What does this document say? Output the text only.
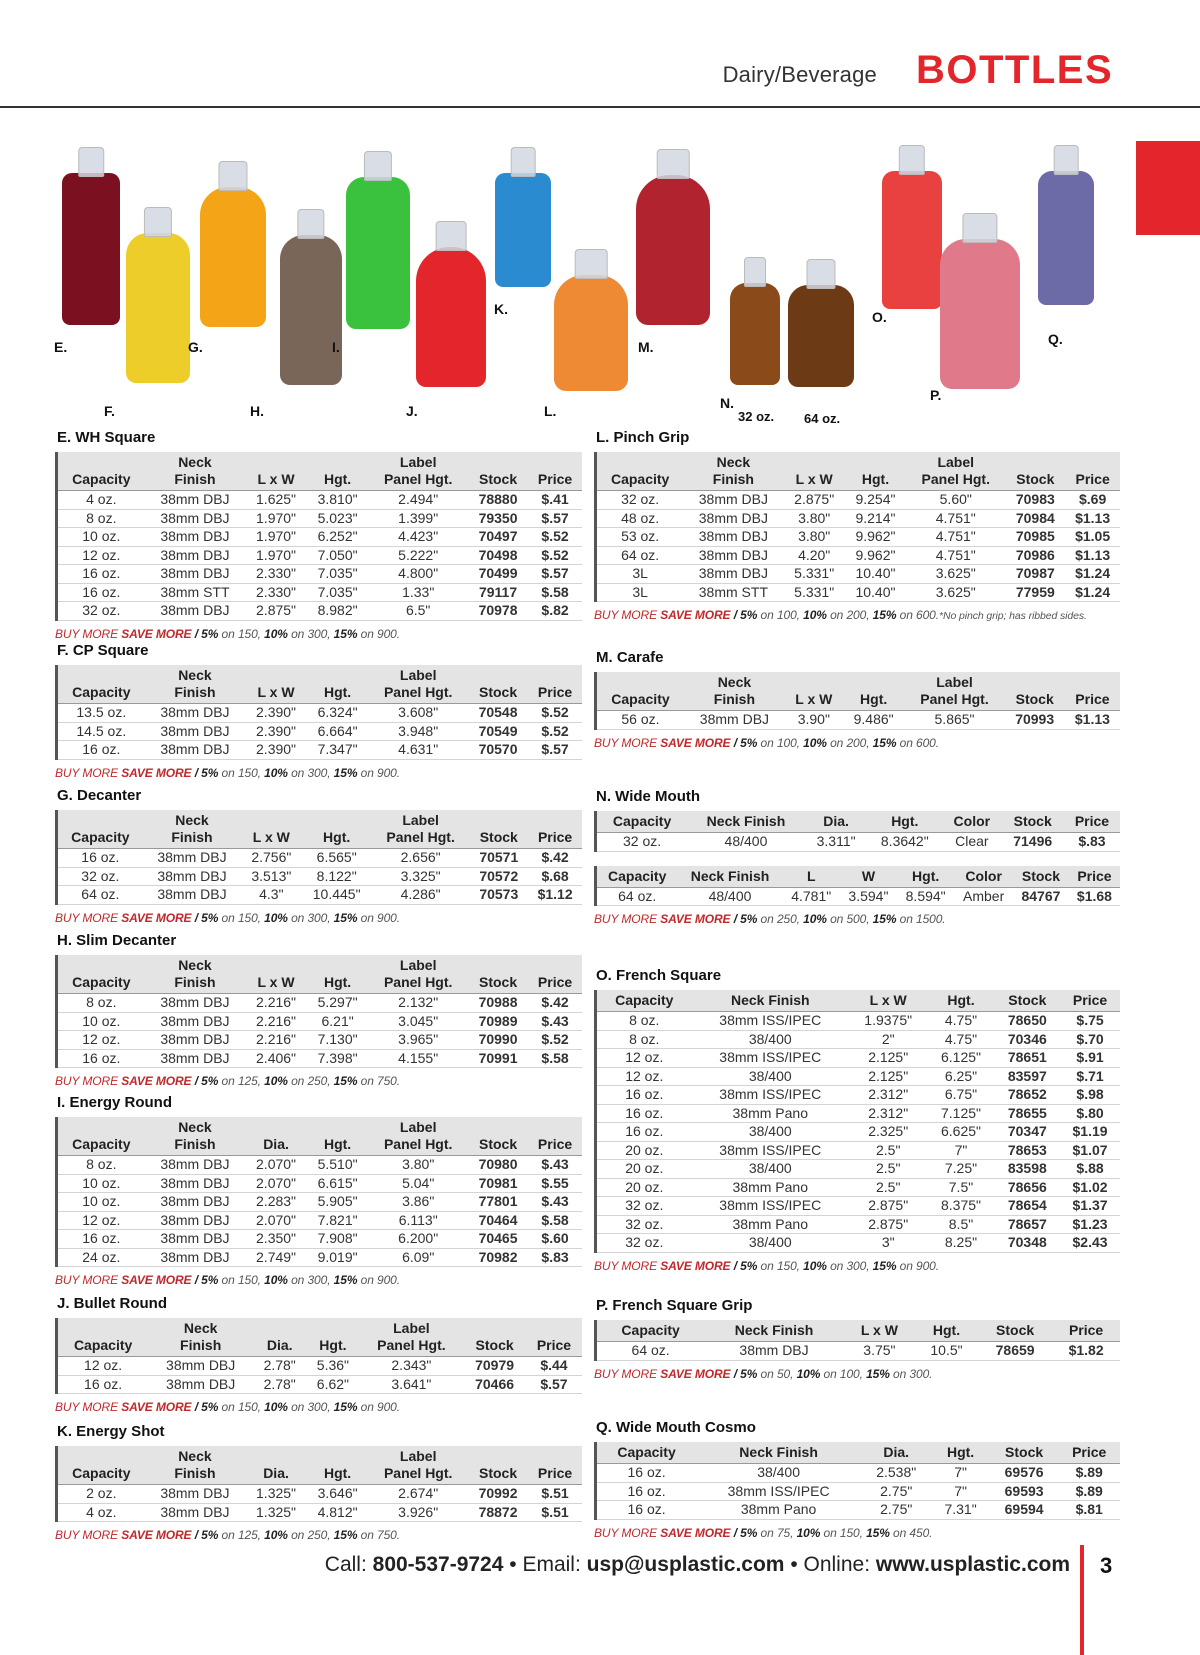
Dairy/Beverage BOTTLES
E.
F.
G.
H.
I.
J.
K.
L.
M.
N.
32 oz. 64 oz.
O.
P.
Q.
E. WH Square
	Neck			Label		
Capacity	Finish	L x W	Hgt.	Panel Hgt.	Stock	Price
4 oz.	38mm DBJ	1.625"	3.810"	2.494"	78880	$.41
8 oz.	38mm DBJ	1.970"	5.023"	1.399"	79350	$.57
10 oz.	38mm DBJ	1.970"	6.252"	4.423"	70497	$.52
12 oz.	38mm DBJ	1.970"	7.050"	5.222"	70498	$.52
16 oz.	38mm DBJ	2.330"	7.035"	4.800"	70499	$.57
16 oz.	38mm STT	2.330"	7.035"	1.33"	79117	$.58
32 oz.	38mm DBJ	2.875"	8.982"	6.5"	70978	$.82
BUY MORE SAVE MORE / 5% on 150, 10% on 300, 15% on 900.
F. CP Square
	Neck			Label		
Capacity	Finish	L x W	Hgt.	Panel Hgt.	Stock	Price
13.5 oz.	38mm DBJ	2.390"	6.324"	3.608"	70548	$.52
14.5 oz.	38mm DBJ	2.390"	6.664"	3.948"	70549	$.52
16 oz.	38mm DBJ	2.390"	7.347"	4.631"	70570	$.57
BUY MORE SAVE MORE / 5% on 150, 10% on 300, 15% on 900.
G. Decanter
	Neck			Label		
Capacity	Finish	L x W	Hgt.	Panel Hgt.	Stock	Price
16 oz.	38mm DBJ	2.756"	6.565"	2.656"	70571	$.42
32 oz.	38mm DBJ	3.513"	8.122"	3.325"	70572	$.68
64 oz.	38mm DBJ	4.3"	10.445"	4.286"	70573	$1.12
BUY MORE SAVE MORE / 5% on 150, 10% on 300, 15% on 900.
H. Slim Decanter
	Neck			Label		
Capacity	Finish	L x W	Hgt.	Panel Hgt.	Stock	Price
8 oz.	38mm DBJ	2.216"	5.297"	2.132"	70988	$.42
10 oz.	38mm DBJ	2.216"	6.21"	3.045"	70989	$.43
12 oz.	38mm DBJ	2.216"	7.130"	3.965"	70990	$.52
16 oz.	38mm DBJ	2.406"	7.398"	4.155"	70991	$.58
BUY MORE SAVE MORE / 5% on 125, 10% on 250, 15% on 750.
I. Energy Round
	Neck			Label		
Capacity	Finish	Dia.	Hgt.	Panel Hgt.	Stock	Price
8 oz.	38mm DBJ	2.070"	5.510"	3.80"	70980	$.43
10 oz.	38mm DBJ	2.070"	6.615"	5.04"	70981	$.55
10 oz.	38mm DBJ	2.283"	5.905"	3.86"	77801	$.43
12 oz.	38mm DBJ	2.070"	7.821"	6.113"	70464	$.58
16 oz.	38mm DBJ	2.350"	7.908"	6.200"	70465	$.60
24 oz.	38mm DBJ	2.749"	9.019"	6.09"	70982	$.83
BUY MORE SAVE MORE / 5% on 150, 10% on 300, 15% on 900.
J. Bullet Round
	Neck			Label		
Capacity	Finish	Dia.	Hgt.	Panel Hgt.	Stock	Price
12 oz.	38mm DBJ	2.78"	5.36"	2.343"	70979	$.44
16 oz.	38mm DBJ	2.78"	6.62"	3.641"	70466	$.57
BUY MORE SAVE MORE / 5% on 150, 10% on 300, 15% on 900.
K. Energy Shot
	Neck			Label		
Capacity	Finish	Dia.	Hgt.	Panel Hgt.	Stock	Price
2 oz.	38mm DBJ	1.325"	3.646"	2.674"	70992	$.51
4 oz.	38mm DBJ	1.325"	4.812"	3.926"	78872	$.51
BUY MORE SAVE MORE / 5% on 125, 10% on 250, 15% on 750.
L. Pinch Grip
	Neck			Label		
Capacity	Finish	L x W	Hgt.	Panel Hgt.	Stock	Price
32 oz.	38mm DBJ	2.875"	9.254"	5.60"	70983	$.69
48 oz.	38mm DBJ	3.80"	9.214"	4.751"	70984	$1.13
53 oz.	38mm DBJ	3.80"	9.962"	4.751"	70985	$1.05
64 oz.	38mm DBJ	4.20"	9.962"	4.751"	70986	$1.13
3L	38mm DBJ	5.331"	10.40"	3.625"	70987	$1.24
3L	38mm STT	5.331"	10.40"	3.625"	77959	$1.24
BUY MORE SAVE MORE / 5% on 100, 10% on 200, 15% on 600.*No pinch grip; has ribbed sides.
M. Carafe
	Neck			Label		
Capacity	Finish	L x W	Hgt.	Panel Hgt.	Stock	Price
56 oz.	38mm DBJ	3.90"	9.486"	5.865"	70993	$1.13
BUY MORE SAVE MORE / 5% on 100, 10% on 200, 15% on 600.
N. Wide Mouth
Capacity	Neck Finish	Dia.	Hgt.	Color	Stock	Price
32 oz.	48/400	3.311"	8.3642"	Clear	71496	$.83
Capacity	Neck Finish	L	W	Hgt.	Color	Stock	Price
64 oz.	48/400	4.781"	3.594"	8.594"	Amber	84767	$1.68
BUY MORE SAVE MORE / 5% on 250, 10% on 500, 15% on 1500.
O. French Square
Capacity	Neck Finish	L x W	Hgt.	Stock	Price
8 oz.	38mm ISS/IPEC	1.9375"	4.75"	78650	$.75
8 oz.	38/400	2"	4.75"	70346	$.70
12 oz.	38mm ISS/IPEC	2.125"	6.125"	78651	$.91
12 oz.	38/400	2.125"	6.25"	83597	$.71
16 oz.	38mm ISS/IPEC	2.312"	6.75"	78652	$.98
16 oz.	38mm Pano	2.312"	7.125"	78655	$.80
16 oz.	38/400	2.325"	6.625"	70347	$1.19
20 oz.	38mm ISS/IPEC	2.5"	7"	78653	$1.07
20 oz.	38/400	2.5"	7.25"	83598	$.88
20 oz.	38mm Pano	2.5"	7.5"	78656	$1.02
32 oz.	38mm ISS/IPEC	2.875"	8.375"	78654	$1.37
32 oz.	38mm Pano	2.875"	8.5"	78657	$1.23
32 oz.	38/400	3"	8.25"	70348	$2.43
BUY MORE SAVE MORE / 5% on 150, 10% on 300, 15% on 900.
P. French Square Grip
Capacity	Neck Finish	L x W	Hgt.	Stock	Price
64 oz.	38mm DBJ	3.75"	10.5"	78659	$1.82
BUY MORE SAVE MORE / 5% on 50, 10% on 100, 15% on 300.
Q. Wide Mouth Cosmo
Capacity	Neck Finish	Dia.	Hgt.	Stock	Price
16 oz.	38/400	2.538"	7"	69576	$.89
16 oz.	38mm ISS/IPEC	2.75"	7"	69593	$.89
16 oz.	38mm Pano	2.75"	7.31"	69594	$.81
BUY MORE SAVE MORE / 5% on 75, 10% on 150, 15% on 450.
Call: 800-537-9724 • Email: usp@usplastic.com • Online: www.usplastic.com 3
